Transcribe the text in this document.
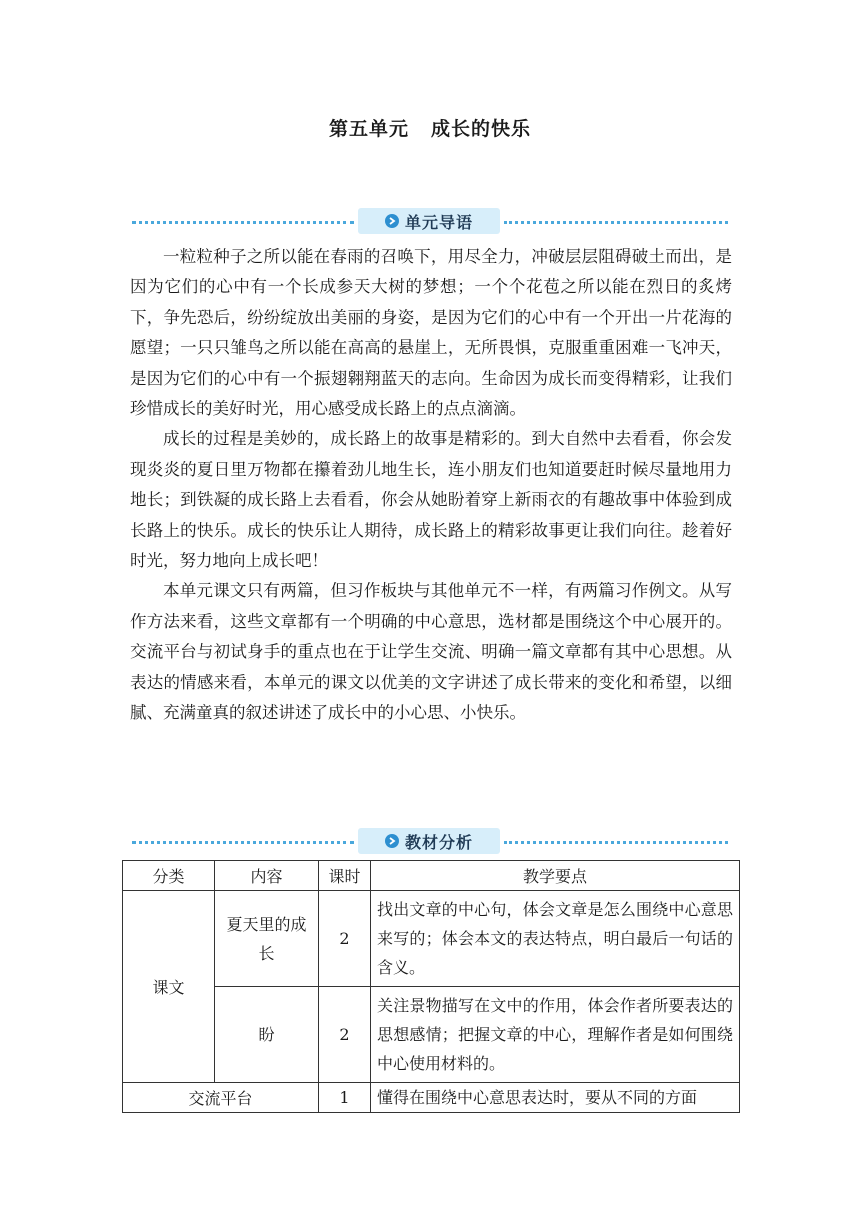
第五单元 成长的快乐
单元导语

一粒粒种子之所以能在春雨的召唤下，用尽全力，冲破层层阻碍破土而出，是因为它们的心中有一个长成参天大树的梦想；一个个花苞之所以能在烈日的炙烤下，争先恐后，纷纷绽放出美丽的身姿，是因为它们的心中有一个开出一片花海的愿望；一只只雏鸟之所以能在高高的悬崖上，无所畏惧，克服重重困难一飞冲天，是因为它们的心中有一个振翅翱翔蓝天的志向。生命因为成长而变得精彩，让我们珍惜成长的美好时光，用心感受成长路上的点点滴滴。

成长的过程是美妙的，成长路上的故事是精彩的。到大自然中去看看，你会发现炎炎的夏日里万物都在攥着劲儿地生长，连小朋友们也知道要赶时候尽量地用力地长；到铁凝的成长路上去看看，你会从她盼着穿上新雨衣的有趣故事中体验到成长路上的快乐。成长的快乐让人期待，成长路上的精彩故事更让我们向往。趁着好时光，努力地向上成长吧！

本单元课文只有两篇，但习作板块与其他单元不一样，有两篇习作例文。从写作方法来看，这些文章都有一个明确的中心意思，选材都是围绕这个中心展开的。交流平台与初试身手的重点也在于让学生交流、明确一篇文章都有其中心思想。从表达的情感来看，本单元的课文以优美的文字讲述了成长带来的变化和希望，以细腻、充满童真的叙述讲述了成长中的小心思、小快乐。

教材分析
分类	内容	课时	教学要点
课文	夏天里的成长	2	找出文章的中心句，体会文章是怎么围绕中心意思来写的；体会本文的表达特点，明白最后一句话的含义。
	盼	2	关注景物描写在文中的作用，体会作者所要表达的思想感情；把握文章的中心，理解作者是如何围绕中心使用材料的。
交流平台		1	懂得在围绕中心意思表达时，要从不同的方面
